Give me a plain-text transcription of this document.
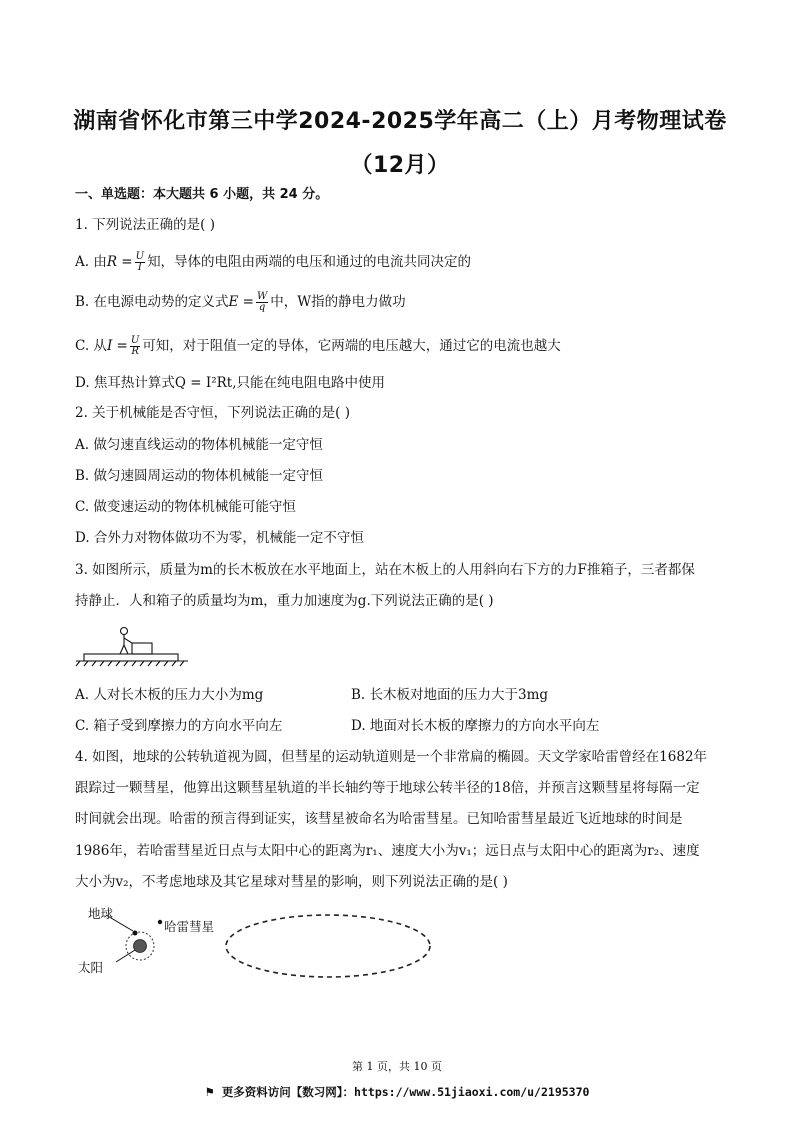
湖南省怀化市第三中学2024-2025学年高二（上）月考物理试卷（12月）
一、单选题：本大题共 6 小题，共 24 分。
1. 下列说法正确的是( )
A. 由$R = \frac{U}{I}$ 知，导体的电阻由两端的电压和通过的电流共同决定的
B. 在电源电动势的定义式$E = \frac{W}{q}$ 中，W指的静电力做功
C. 从$I = \frac{U}{R}$ 可知，对于阻值一定的导体，它两端的电压越大，通过它的电流也越大
D. 焦耳热计算式Q = I²Rt,只能在纯电阻电路中使用
2. 关于机械能是否守恒，下列说法正确的是( )
A. 做匀速直线运动的物体机械能一定守恒
B. 做匀速圆周运动的物体机械能一定守恒
C. 做变速运动的物体机械能可能守恒
D. 合外力对物体做功不为零，机械能一定不守恒
3. 如图所示，质量为m的长木板放在水平地面上，站在木板上的人用斜向右下方的力F推箱子，三者都保
持静止．人和箱子的质量均为m，重力加速度为g.下列说法正确的是( )
A. 人对长木板的压力大小为mg	B. 长木板对地面的压力大于3mg
C. 箱子受到摩擦力的方向水平向左	D. 地面对长木板的摩擦力的方向水平向左
4. 如图，地球的公转轨道视为圆，但彗星的运动轨道则是一个非常扁的椭圆。天文学家哈雷曾经在1682年
跟踪过一颗彗星，他算出这颗彗星轨道的半长轴约等于地球公转半径的18倍，并预言这颗彗星将每隔一定
时间就会出现。哈雷的预言得到证实，该彗星被命名为哈雷彗星。已知哈雷彗星最近飞近地球的时间是
1986年，若哈雷彗星近日点与太阳中心的距离为r₁、速度大小为v₁；远日点与太阳中心的距离为r₂、速度
大小为v₂，不考虑地球及其它星球对彗星的影响，则下列说法正确的是( )
地球
哈雷彗星
太阳
第 1 页，共 10 页
⚑ 更多资料访问【数习网】：https://www.51jiaoxi.com/u/2195370
